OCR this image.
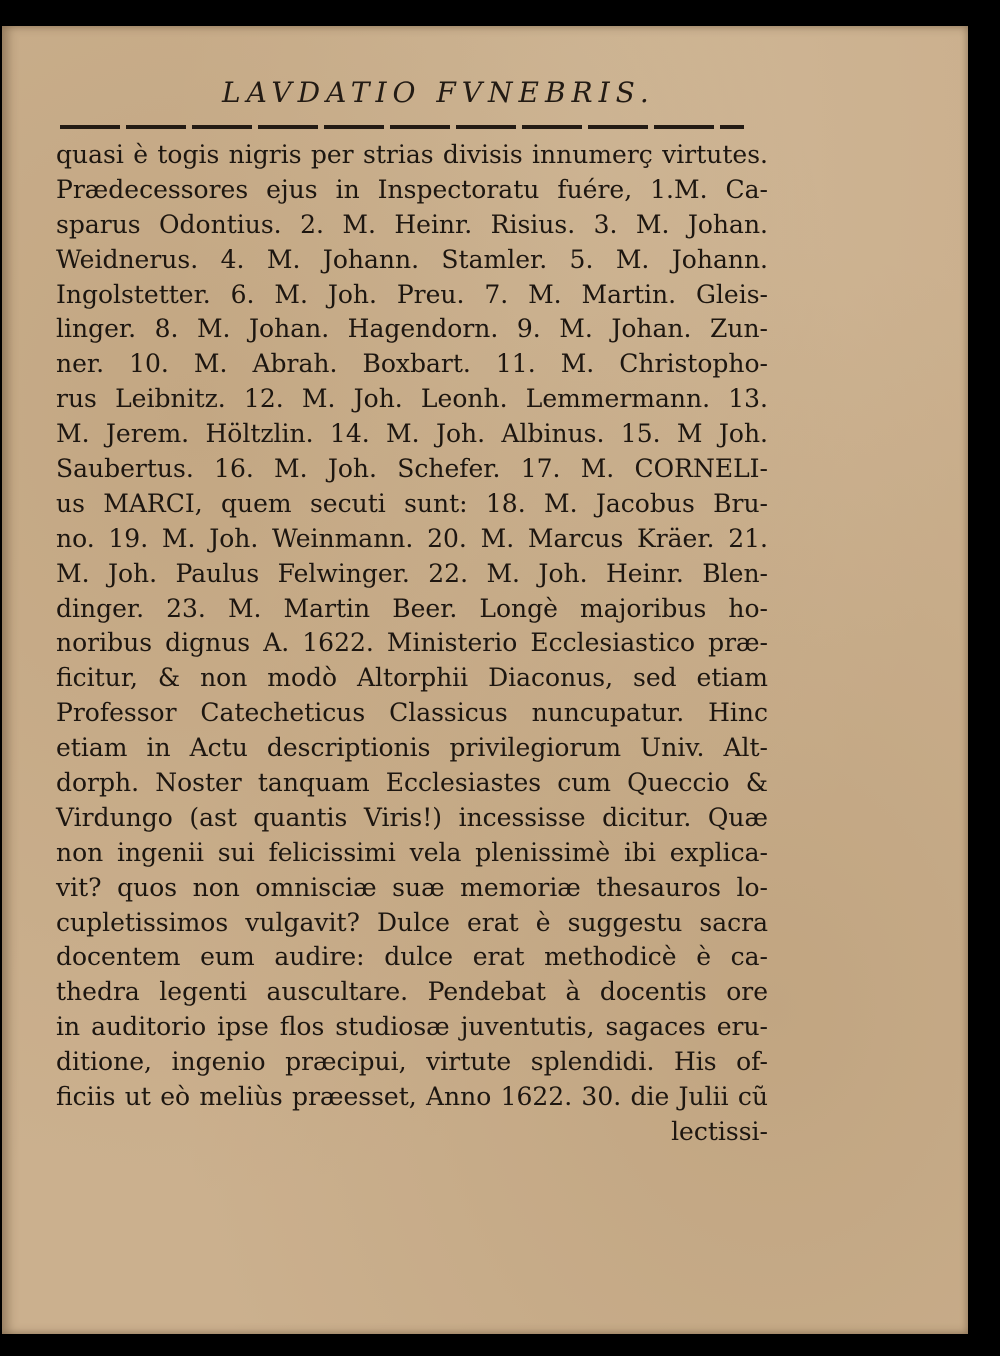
LAVDATIO FVNEBRIS.
quasi è togis nigris per strias divisis innumerç virtutes.
Prædecessores ejus in Inspectoratu fuére, 1.M. Ca-
sparus Odontius. 2. M. Heinr. Risius. 3. M. Johan.
Weidnerus. 4. M. Johann. Stamler. 5. M. Johann.
Ingolstetter. 6. M. Joh. Preu. 7. M. Martin. Gleis-
linger. 8. M. Johan. Hagendorn. 9. M. Johan. Zun-
ner. 10. M. Abrah. Boxbart. 11. M. Christopho-
rus Leibnitz. 12. M. Joh. Leonh. Lemmermann. 13.
M. Jerem. Höltzlin. 14. M. Joh. Albinus. 15. M Joh.
Saubertus. 16. M. Joh. Schefer. 17. M. CORNELI-
us MARCI, quem secuti sunt: 18. M. Jacobus Bru-
no. 19. M. Joh. Weinmann. 20. M. Marcus Kräer. 21.
M. Joh. Paulus Felwinger. 22. M. Joh. Heinr. Blen-
dinger. 23. M. Martin Beer. Longè majoribus ho-
noribus dignus A. 1622. Ministerio Ecclesiastico præ-
ficitur, & non modò Altorphii Diaconus, sed etiam
Professor Catecheticus Classicus nuncupatur. Hinc
etiam in Actu descriptionis privilegiorum Univ. Alt-
dorph. Noster tanquam Ecclesiastes cum Queccio &
Virdungo (ast quantis Viris!) incessisse dicitur. Quæ
non ingenii sui felicissimi vela plenissimè ibi explica-
vit? quos non omnisciæ suæ memoriæ thesauros lo-
cupletissimos vulgavit? Dulce erat è suggestu sacra
docentem eum audire: dulce erat methodicè è ca-
thedra legenti auscultare. Pendebat à docentis ore
in auditorio ipse flos studiosæ juventutis, sagaces eru-
ditione, ingenio præcipui, virtute splendidi. His of-
ficiis ut eò meliùs præesset, Anno 1622. 30. die Julii cũ
lectissi-
